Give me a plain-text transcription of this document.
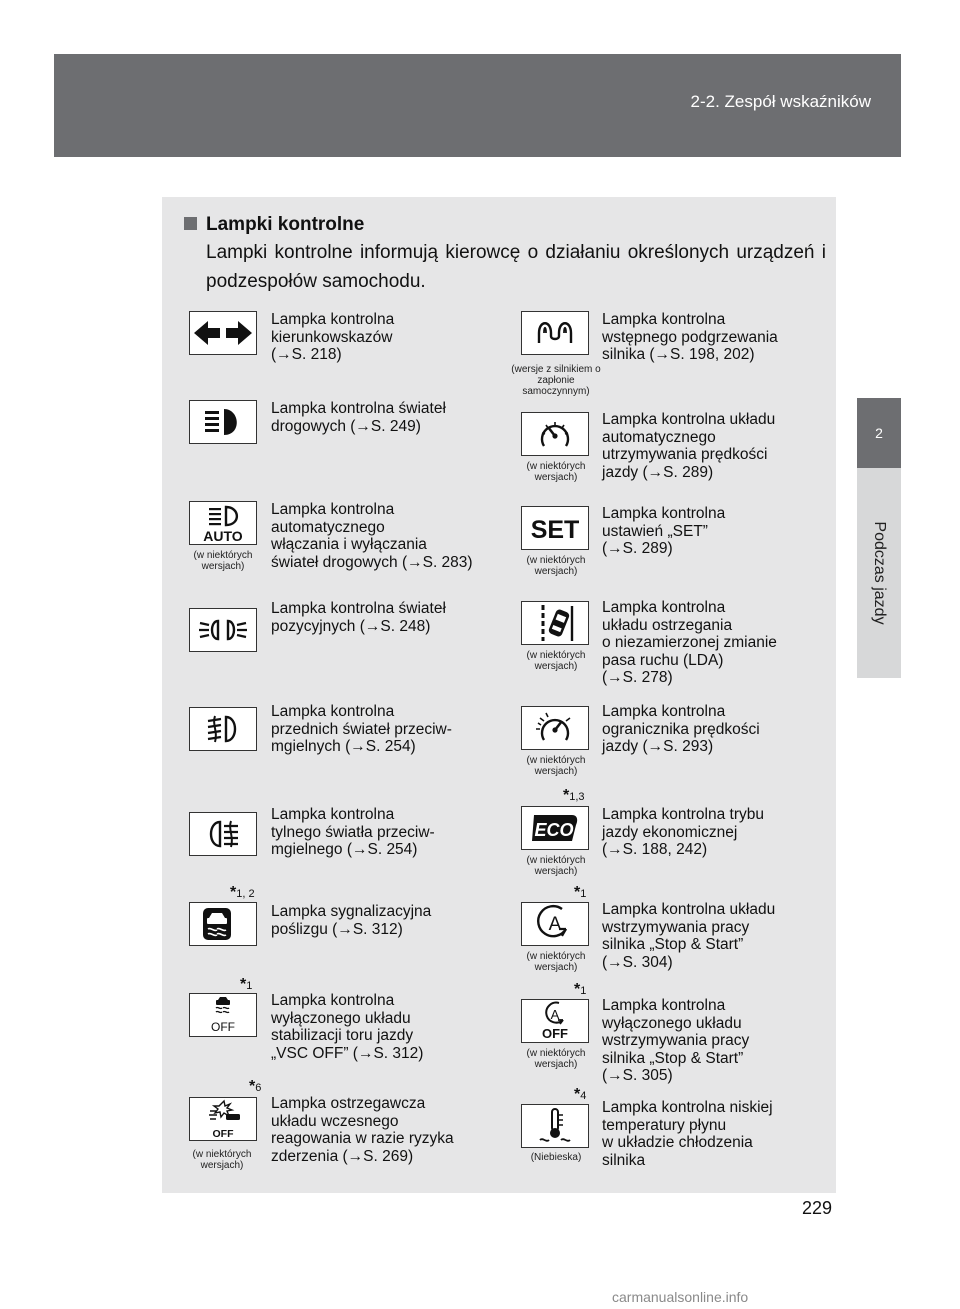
2-2. Zespół wskaźników
2
Podczas jazdy
Lampki kontrolne
Lampki kontrolne informują kierowcę o działaniu określonych urządzeń i podzespołów samochodu.
Lampka kontrolna
kierunkowskazów
(→S. 218)
Lampka kontrolna świateł
drogowych (→S. 249)
AUTO
(w niektórych wersjach)
Lampka kontrolna
automatycznego
włączania i wyłączania
świateł drogowych (→S. 283)
Lampka kontrolna świateł
pozycyjnych (→S. 248)
Lampka kontrolna
przednich świateł przeciw-
mgielnych (→S. 254)
Lampka kontrolna
tylnego światła przeciw-
mgielnego (→S. 254)
*1, 2
Lampka sygnalizacyjna
poślizgu (→S. 312)
*1
OFF
Lampka kontrolna
wyłączonego układu
stabilizacji toru jazdy
„VSC OFF” (→S. 312)
*6
OFF
(w niektórych wersjach)
Lampka ostrzegawcza
układu wczesnego
reagowania w razie ryzyka
zderzenia (→S. 269)
(wersje z silnikiem o zapłonie samoczynnym)
Lampka kontrolna
wstępnego podgrzewania
silnika (→S. 198, 202)
(w niektórych wersjach)
Lampka kontrolna układu
automatycznego
utrzymywania prędkości
jazdy (→S. 289)
SET
(w niektórych wersjach)
Lampka kontrolna
ustawień „SET”
(→S. 289)
(w niektórych wersjach)
Lampka kontrolna
układu ostrzegania
o niezamierzonej zmianie
pasa ruchu (LDA)
(→S. 278)
(w niektórych wersjach)
Lampka kontrolna
ogranicznika prędkości
jazdy (→S. 293)
*1,3
ECO
(w niektórych wersjach)
Lampka kontrolna trybu
jazdy ekonomicznej
(→S. 188, 242)
*1
A
(w niektórych wersjach)
Lampka kontrolna układu
wstrzymywania pracy
silnika „Stop & Start”
(→S. 304)
*1
A
OFF
(w niektórych wersjach)
Lampka kontrolna
wyłączonego układu
wstrzymywania pracy
silnika „Stop & Start”
(→S. 305)
*4
(Niebieska)
Lampka kontrolna niskiej
temperatury płynu
w układzie chłodzenia
silnika
229
carmanualsonline.info
